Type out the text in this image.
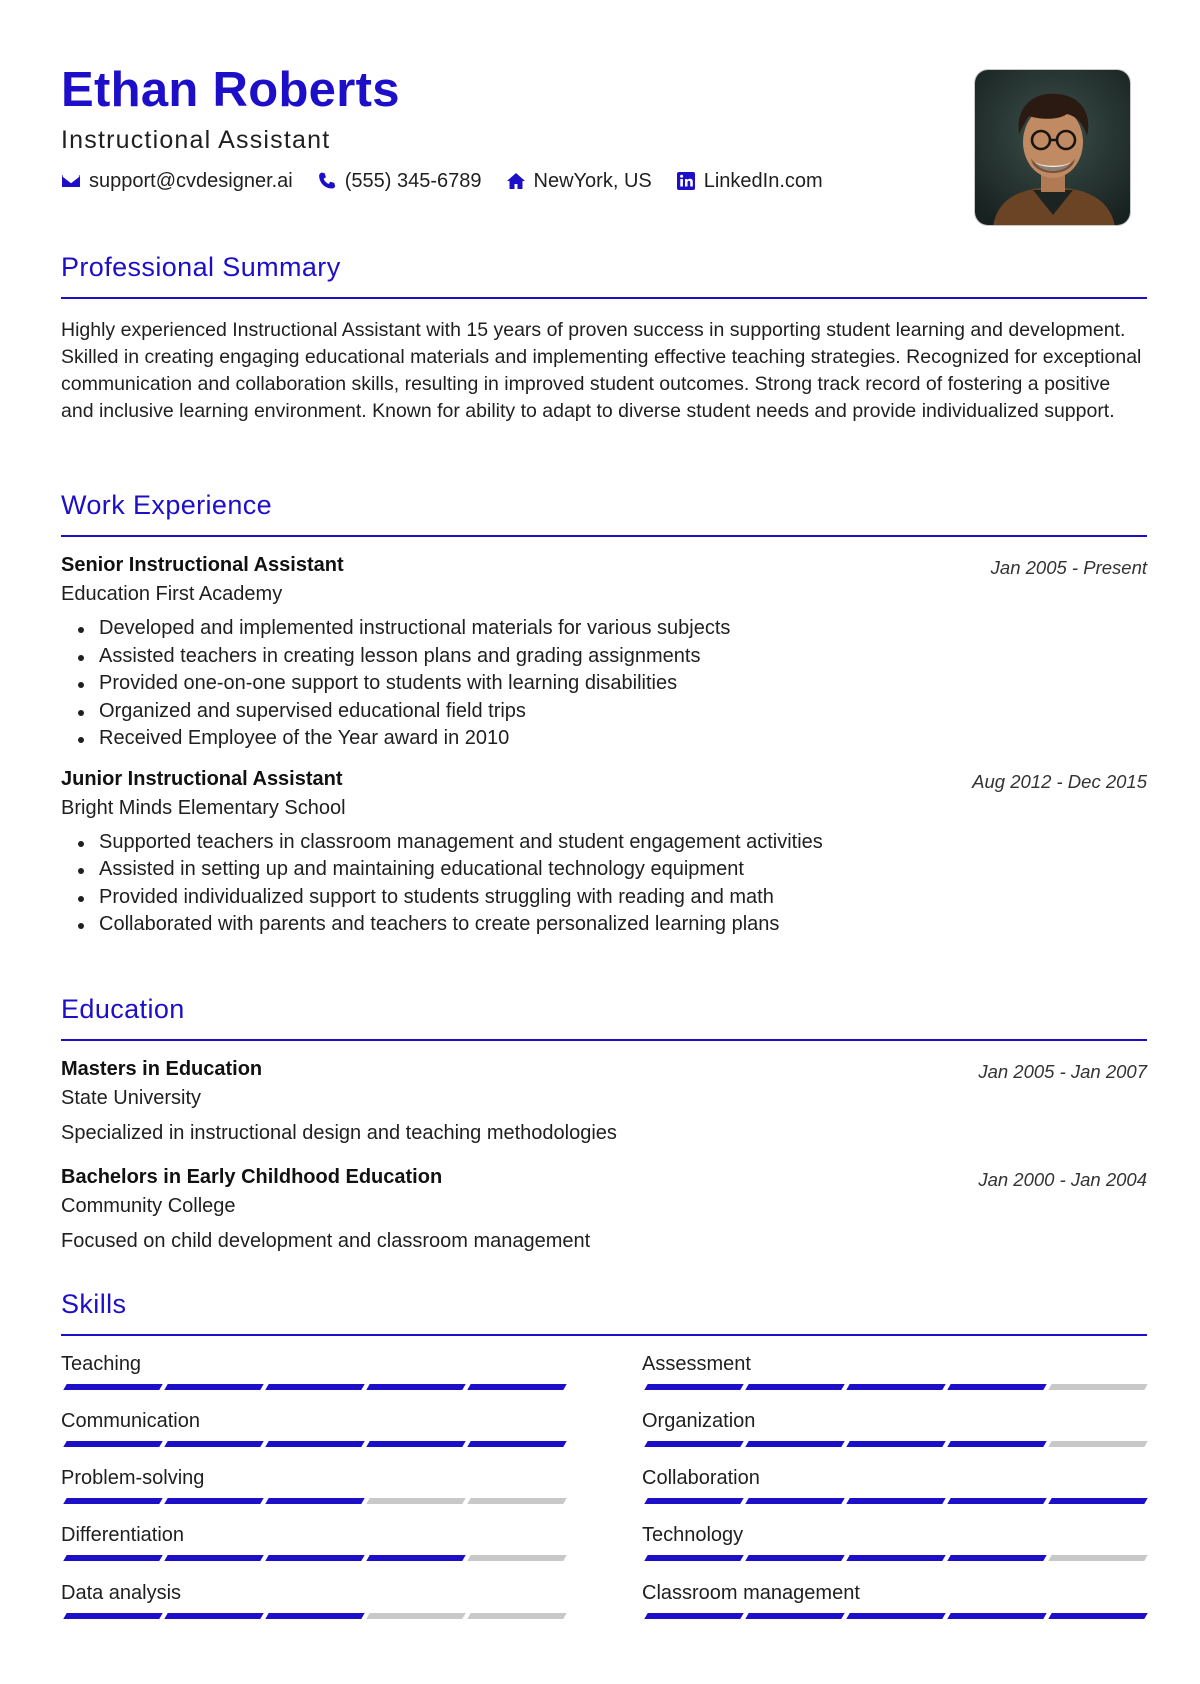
Ethan Roberts
Instructional Assistant
support@cvdesigner.ai	(555) 345-6789	NewYork, US	LinkedIn.com
Professional Summary
Highly experienced Instructional Assistant with 15 years of proven success in supporting student learning and development. Skilled in creating engaging educational materials and implementing effective teaching strategies. Recognized for exceptional communication and collaboration skills, resulting in improved student outcomes. Strong track record of fostering a positive and inclusive learning environment. Known for ability to adapt to diverse student needs and provide individualized support.
Work Experience
Senior Instructional Assistant	Jan 2005 - Present
Education First Academy
Developed and implemented instructional materials for various subjects
Assisted teachers in creating lesson plans and grading assignments
Provided one-on-one support to students with learning disabilities
Organized and supervised educational field trips
Received Employee of the Year award in 2010
Junior Instructional Assistant	Aug 2012 - Dec 2015
Bright Minds Elementary School
Supported teachers in classroom management and student engagement activities
Assisted in setting up and maintaining educational technology equipment
Provided individualized support to students struggling with reading and math
Collaborated with parents and teachers to create personalized learning plans
Education
Masters in Education	Jan 2005 - Jan 2007
State University
Specialized in instructional design and teaching methodologies
Bachelors in Early Childhood Education	Jan 2000 - Jan 2004
Community College
Focused on child development and classroom management
Skills
Teaching	Assessment
Communication	Organization
Problem-solving	Collaboration
Differentiation	Technology
Data analysis	Classroom management
